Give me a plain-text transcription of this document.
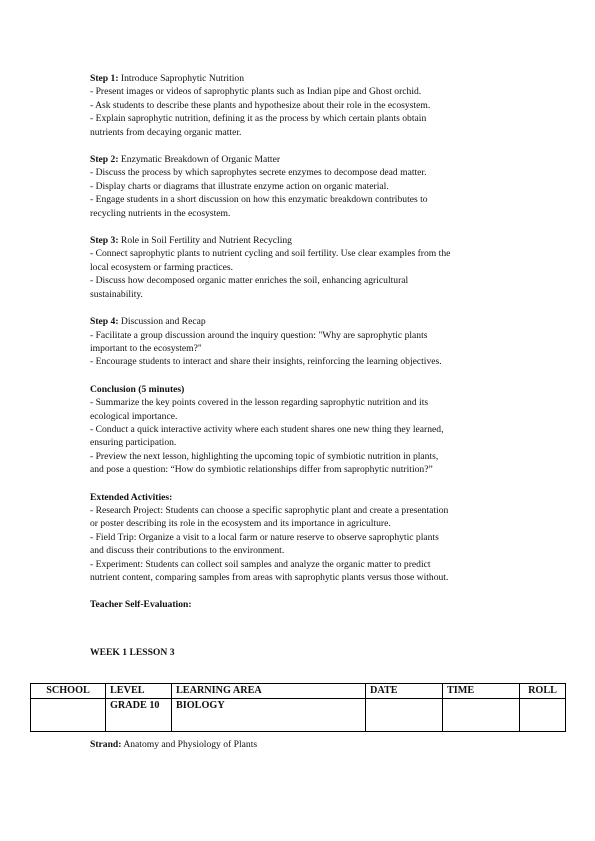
Step 1: Introduce Saprophytic Nutrition
- Present images or videos of saprophytic plants such as Indian pipe and Ghost orchid.
- Ask students to describe these plants and hypothesize about their role in the ecosystem.
- Explain saprophytic nutrition, defining it as the process by which certain plants obtain
nutrients from decaying organic matter.
Step 2: Enzymatic Breakdown of Organic Matter
- Discuss the process by which saprophytes secrete enzymes to decompose dead matter.
- Display charts or diagrams that illustrate enzyme action on organic material.
- Engage students in a short discussion on how this enzymatic breakdown contributes to
recycling nutrients in the ecosystem.
Step 3: Role in Soil Fertility and Nutrient Recycling
- Connect saprophytic plants to nutrient cycling and soil fertility. Use clear examples from the
local ecosystem or farming practices.
- Discuss how decomposed organic matter enriches the soil, enhancing agricultural
sustainability.
Step 4: Discussion and Recap
- Facilitate a group discussion around the inquiry question: "Why are saprophytic plants
important to the ecosystem?"
- Encourage students to interact and share their insights, reinforcing the learning objectives.
Conclusion (5 minutes)
- Summarize the key points covered in the lesson regarding saprophytic nutrition and its
ecological importance.
- Conduct a quick interactive activity where each student shares one new thing they learned,
ensuring participation.
- Preview the next lesson, highlighting the upcoming topic of symbiotic nutrition in plants,
and pose a question: “How do symbiotic relationships differ from saprophytic nutrition?”
Extended Activities:
- Research Project: Students can choose a specific saprophytic plant and create a presentation
or poster describing its role in the ecosystem and its importance in agriculture.
- Field Trip: Organize a visit to a local farm or nature reserve to observe saprophytic plants
and discuss their contributions to the environment.
- Experiment: Students can collect soil samples and analyze the organic matter to predict
nutrient content, comparing samples from areas with saprophytic plants versus those without.
Teacher Self-Evaluation:
WEEK 1 LESSON 3
SCHOOL	LEVEL	LEARNING AREA	DATE	TIME	ROLL
	GRADE 10	BIOLOGY			
Strand: Anatomy and Physiology of Plants
